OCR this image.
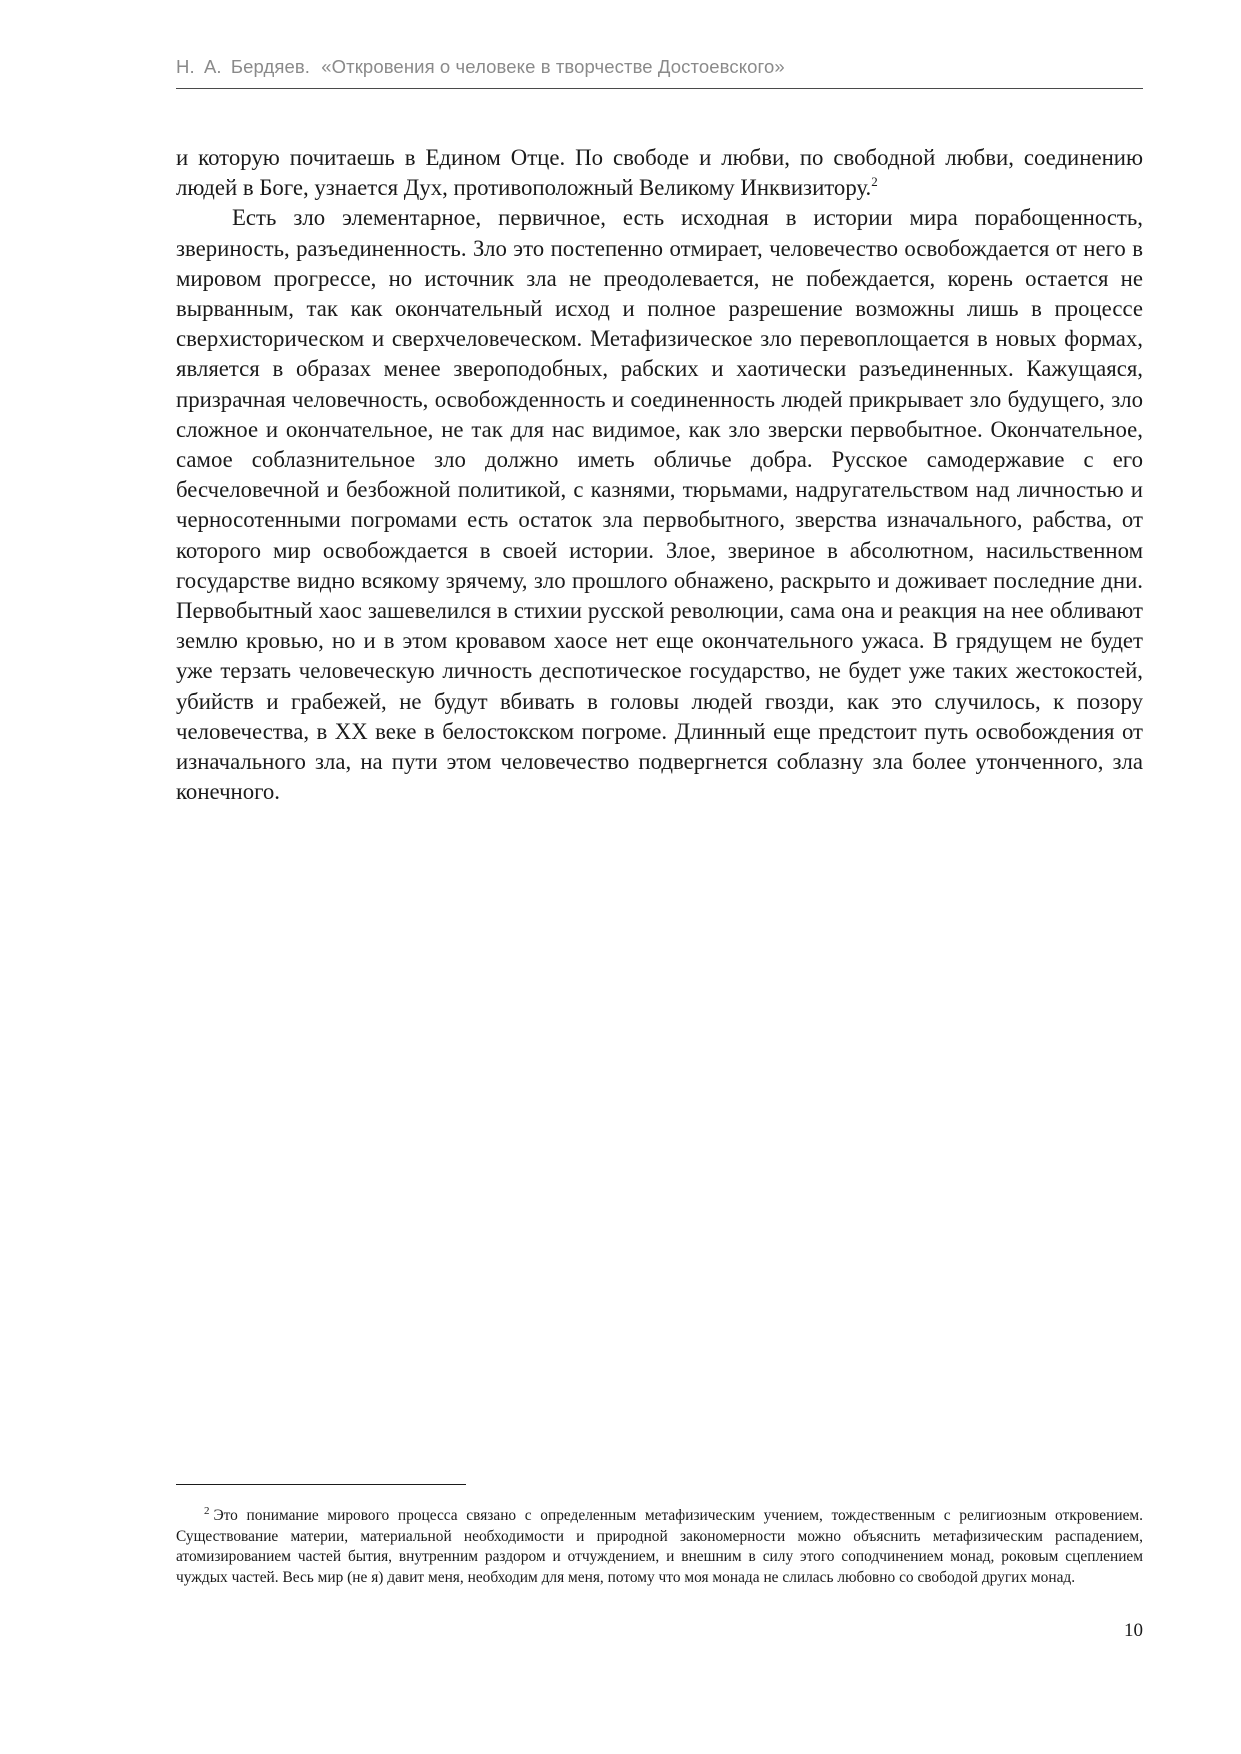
Н. А. Бердяев. «Откровения о человеке в творчестве Достоевского»

и которую почитаешь в Едином Отце. По свободе и любви, по свободной любви, соединению людей в Боге, узнается Дух, противоположный Великому Инквизитору.$^2$

Есть зло элементарное, первичное, есть исходная в истории мира порабощенность, звериность, разъединенность. Зло это постепенно отмирает, человечество освобождается от него в мировом прогрессе, но источник зла не преодолевается, не побеждается, корень остается не вырванным, так как окончательный исход и полное разрешение возможны лишь в процессе сверхисторическом и сверхчеловеческом. Метафизическое зло перевоплощается в новых формах, является в образах менее звероподобных, рабских и хаотически разъединенных. Кажущаяся, призрачная человечность, освобожденность и соединенность людей прикрывает зло будущего, зло сложное и окончательное, не так для нас видимое, как зло зверски первобытное. Окончательное, самое соблазнительное зло должно иметь обличье добра. Русское самодержавие с его бесчеловечной и безбожной политикой, с казнями, тюрьмами, надругательством над личностью и черносотенными погромами есть остаток зла первобытного, зверства изначального, рабства, от которого мир освобождается в своей истории. Злое, звериное в абсолютном, насильственном государстве видно всякому зрячему, зло прошлого обнажено, раскрыто и доживает последние дни. Первобытный хаос зашевелился в стихии русской революции, сама она и реакция на нее обливают землю кровью, но и в этом кровавом хаосе нет еще окончательного ужаса. В грядущем не будет уже терзать человеческую личность деспотическое государство, не будет уже таких жестокостей, убийств и грабежей, не будут вбивать в головы людей гвозди, как это случилось, к позору человечества, в XX веке в белостокском погроме. Длинный еще предстоит путь освобождения от изначального зла, на пути этом человечество подвергнется соблазну зла более утонченного, зла конечного.

$^2$ Это понимание мирового процесса связано с определенным метафизическим учением, тождественным с религиозным откровением. Существование материи, материальной необходимости и природной закономерности можно объяснить метафизическим распадением, атомизированием частей бытия, внутренним раздором и отчуждением, и внешним в силу этого соподчинением монад, роковым сцеплением чуждых частей. Весь мир (не я) давит меня, необходим для меня, потому что моя монада не слилась любовно со свободой других монад.

10
